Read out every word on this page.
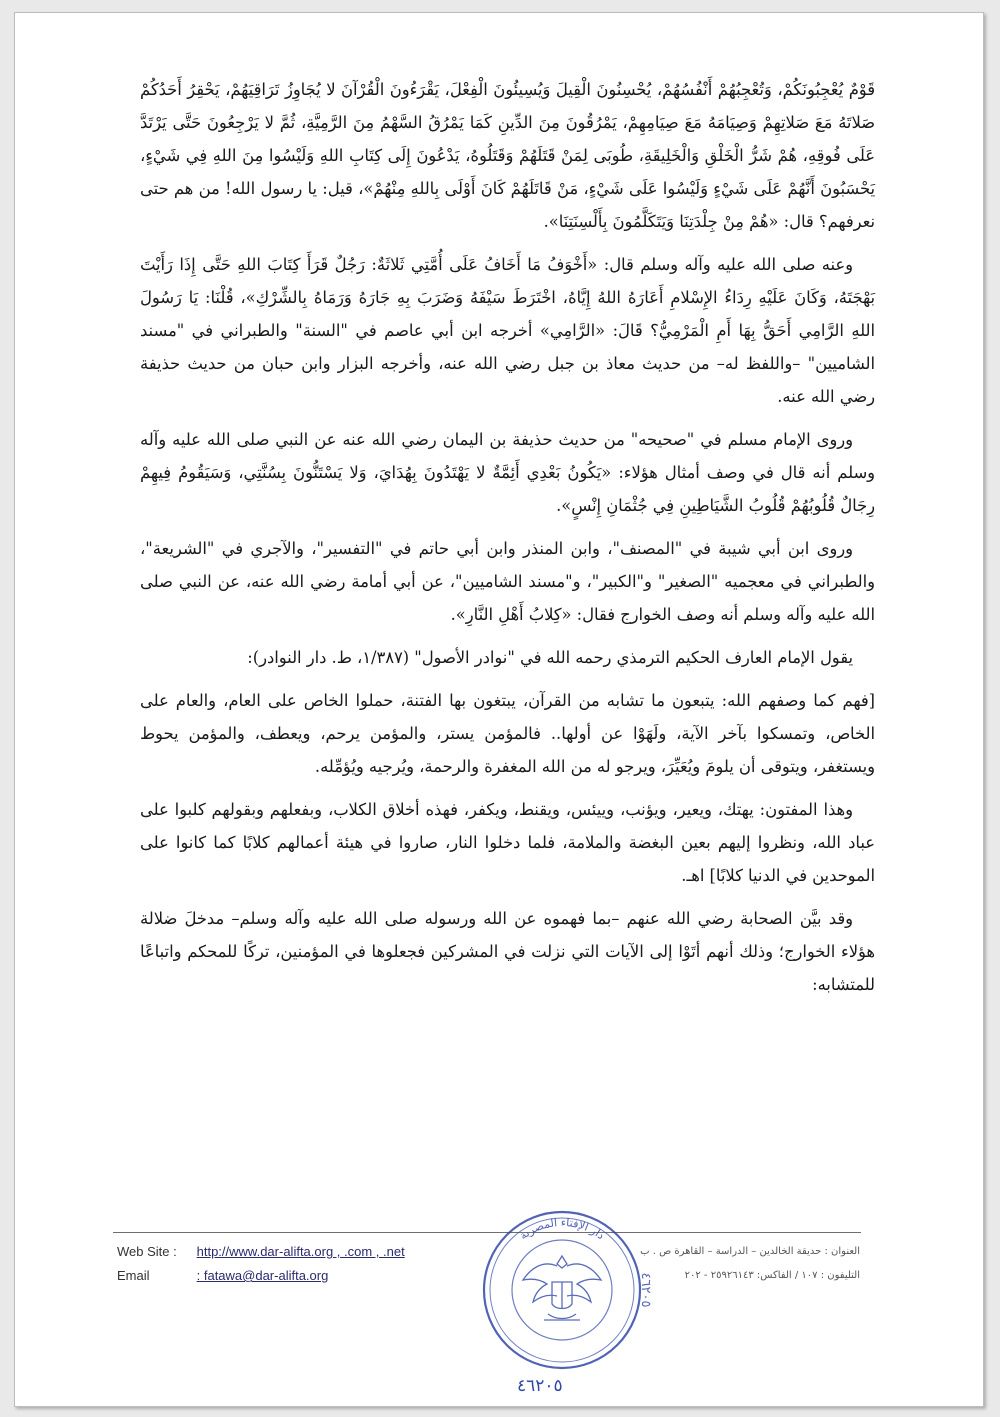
قَوْمٌ يُعْجِبُونَكُمْ، وَتُعْجِبُهُمْ أَنْفُسُهُمْ، يُحْسِنُونَ الْقِيلَ وَيُسِيئُونَ الْفِعْلَ، يَقْرَءُونَ الْقُرْآنَ لا يُجَاوِزُ تَرَاقِيَهُمْ، يَحْقِرُ أَحَدُكُمْ صَلاتَهُ مَعَ صَلاتِهِمْ وَصِيَامَهُ مَعَ صِيَامِهِمْ، يَمْرُقُونَ مِنَ الدِّينِ كَمَا يَمْرُقُ السَّهْمُ مِنَ الرَّمِيَّةِ، ثُمَّ لا يَرْجِعُونَ حَتَّى يَرْتَدَّ عَلَى فُوقِهِ، هُمْ شَرُّ الْخَلْقِ وَالْخَلِيقَةِ، طُوبَى لِمَنْ قَتَلَهُمْ وَقَتَلُوهُ، يَدْعُونَ إِلَى كِتَابِ اللهِ وَلَيْسُوا مِنَ اللهِ فِي شَيْءٍ، يَحْسَبُونَ أَنَّهُمْ عَلَى شَيْءٍ وَلَيْسُوا عَلَى شَيْءٍ، مَنْ قَاتَلَهُمْ كَانَ أَوْلَى بِاللهِ مِنْهُمْ»، قيل: يا رسول الله! من هم حتى نعرفهم؟ قال: «هُمْ مِنْ جِلْدَتِنَا وَيَتَكَلَّمُونَ بِأَلْسِنَتِنَا».

وعنه صلى الله عليه وآله وسلم قال: «أَخْوَفُ مَا أَخَافُ عَلَى أُمَّتِي ثَلاثَةٌ: رَجُلٌ قَرَأَ كِتَابَ اللهِ حَتَّى إِذَا رَأَيْتَ بَهْجَتَهُ، وَكَانَ عَلَيْهِ رِدَاءُ الإِسْلامِ أَعَارَهُ اللهُ إِيَّاهُ، اخْتَرَطَ سَيْفَهُ وَضَرَبَ بِهِ جَارَهُ وَرَمَاهُ بِالشِّرْكِ»، قُلْنَا: يَا رَسُولَ اللهِ الرَّامِي أَحَقُّ بِهَا أَمِ الْمَرْمِيُّ؟ قَالَ: «الرَّامِي» أخرجه ابن أبي عاصم في "السنة" والطبراني في "مسند الشاميين" –واللفظ له– من حديث معاذ بن جبل رضي الله عنه، وأخرجه البزار وابن حبان من حديث حذيفة رضي الله عنه.

وروى الإمام مسلم في "صحيحه" من حديث حذيفة بن اليمان رضي الله عنه عن النبي صلى الله عليه وآله وسلم أنه قال في وصف أمثال هؤلاء: «يَكُونُ بَعْدِي أَئِمَّةٌ لا يَهْتَدُونَ بِهُدَايَ، وَلا يَسْتَنُّونَ بِسُنَّتِي، وَسَيَقُومُ فِيهِمْ رِجَالٌ قُلُوبُهُمْ قُلُوبُ الشَّيَاطِينِ فِي جُثْمَانِ إِنْسٍ».

وروى ابن أبي شيبة في "المصنف"، وابن المنذر وابن أبي حاتم في "التفسير"، والآجري في "الشريعة"، والطبراني في معجميه "الصغير" و"الكبير"، و"مسند الشاميين"، عن أبي أمامة رضي الله عنه، عن النبي صلى الله عليه وآله وسلم أنه وصف الخوارج فقال: «كِلابُ أَهْلِ النَّارِ».

يقول الإمام العارف الحكيم الترمذي رحمه الله في "نوادر الأصول" (١/٣٨٧، ط. دار النوادر):

[فهم كما وصفهم الله: يتبعون ما تشابه من القرآن، يبتغون بها الفتنة، حملوا الخاص على العام، والعام على الخاص، وتمسكوا بآخر الآية، ولَهَوْا عن أولها.. فالمؤمن يستر، والمؤمن يرحم، ويعطف، والمؤمن يحوط ويستغفر، ويتوقى أن يلومَ ويُعَيِّرَ، ويرجو له من الله المغفرة والرحمة، ويُرجيه ويُؤمِّله.

وهذا المفتون: يهتك، ويعير، ويؤنب، وييئس، ويقنط، ويكفر، فهذه أخلاق الكلاب، وبفعلهم وبقولهم كلبوا على عباد الله، ونظروا إليهم بعين البغضة والملامة، فلما دخلوا النار، صاروا في هيئة أعمالهم كلابًا كما كانوا على الموحدين في الدنيا كلابًا] اهـ.

وقد بيَّن الصحابة رضي الله عنهم –بما فهموه عن الله ورسوله صلى الله عليه وآله وسلم– مدخلَ ضلالة هؤلاء الخوارج؛ وذلك أنهم أتَوْا إلى الآيات التي نزلت في المشركين فجعلوها في المؤمنين، تركًا للمحكم واتباعًا للمتشابه:

Web Site : http://www.dar-alifta.org , .com , .net
Email	: fatawa@dar-alifta.org
العنوان : حديقة الخالدين – الدراسة – القاهرة ص . ب
التليفون : ١٠٧ / الفاكس: ٢٥٩٢٦١٤٣ - ٢٠٢
دار الإفتاء المصرية
٤٦٢٠٥
٤٦٢٠٥
